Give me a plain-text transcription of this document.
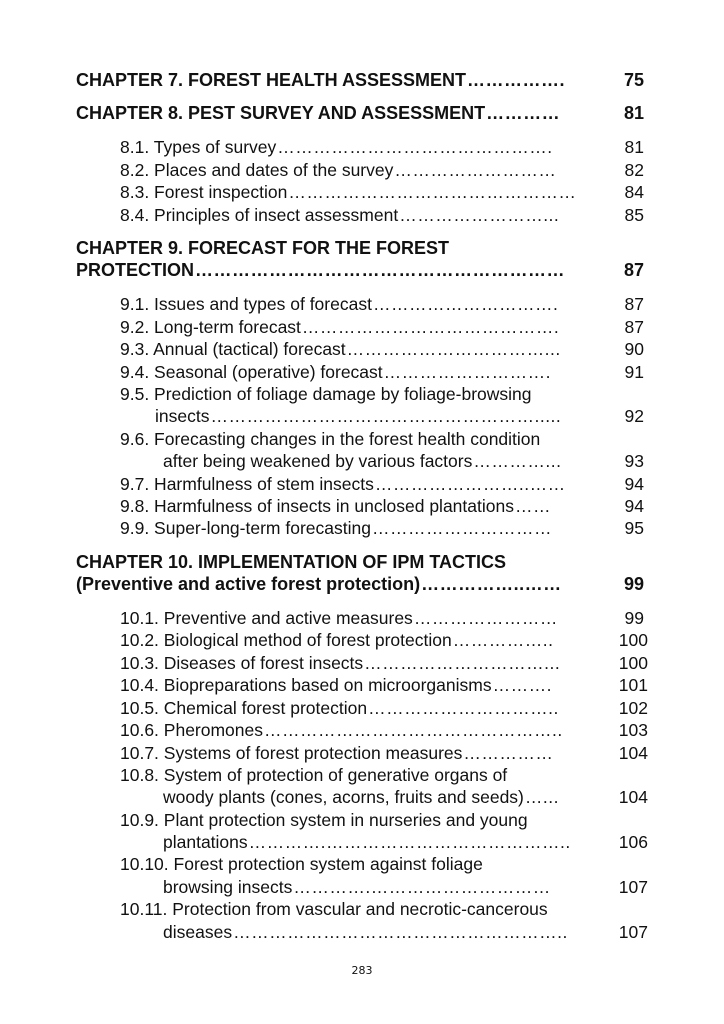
CHAPTER 7. FOREST HEALTH ASSESSMENT …………….	75
CHAPTER 8. PEST SURVEY AND ASSESSMENT …………	81
8.1. Types of survey ……………………………………….	81
8.2. Places and dates of the survey ………………………	82
8.3. Forest inspection …………………………………………	84
8.4. Principles of insect assessment ……………………...	85
CHAPTER 9. FORECAST FOR THE FOREST
PROTECTION ……………………………………………………	87
9.1. Issues and types of forecast ………………………….	87
9.2. Long-term forecast …………………………………….	87
9.3. Annual (tactical) forecast ……………………………...	90
9.4. Seasonal (operative) forecast ……………………….	91
9.5. Prediction of foliage damage by foliage-browsing
insects ……………………………………………….....	92
9.6. Forecasting changes in the forest health condition
after being weakened by various factors …………...	93
9.7. Harmfulness of stem insects ……………………..……	94
9.8. Harmfulness of insects in unclosed plantations ……	94
9.9. Super-long-term forecasting …………………………	95
CHAPTER 10. IMPLEMENTATION OF IPM TACTICS
(Preventive and active forest protection) ……………..……	99
10.1. Preventive and active measures ……………………	99
10.2. Biological method of forest protection ……………..	100
10.3. Diseases of forest insects …………………………...	100
10.4. Biopreparations based on microorganisms ……….	101
10.5. Chemical forest protection …………………………..	102
10.6. Pheromones …………………………………………..	103
10.7. Systems of forest protection measures ……………	104
10.8. System of protection of generative organs of
woody plants (cones, acorns, fruits and seeds) …...	104
10.9. Plant protection system in nurseries and young
plantations ………….…………………………………..	106
10.10. Forest protection system against foliage
browsing insects ………….…………………………	107
10.11. Protection from vascular and necrotic-cancerous
diseases ………………………………………………..	107
283
